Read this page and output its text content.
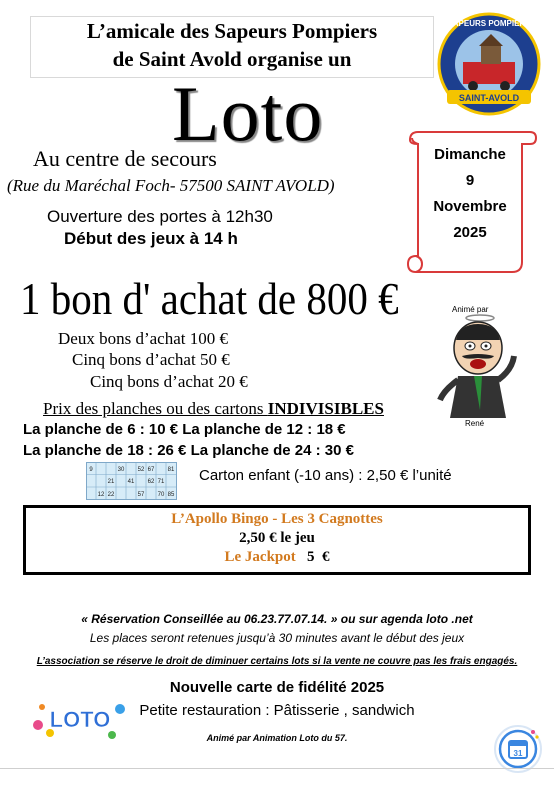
L’amicale des Sapeurs Pompiers
de Saint Avold organise un
SAPEURS POMPIERS
SAINT-AVOLD
Loto	Dimanche
9
Novembre
2025
Au centre de secours
(Rue du Maréchal Foch- 57500 SAINT AVOLD)
Ouverture des portes à 12h30
Début des jeux à 14 h
1 bon d' achat de 800 €	Animé par
René
Deux bons d’achat 100 €
Cinq bons d’achat 50 €
Cinq bons d’achat 20 €
Prix des planches ou des cartons INDIVISIBLES
La planche de 6 : 10 € La planche de 12 : 18 €
La planche de 18 : 26 € La planche de 24 : 30 €
9	30 52 67 81
21 41 62 71
12 22	57 70 85
Carton enfant (-10 ans) : 2,50 € l’unité
L’Apollo Bingo - Les 3 Cagnottes
2,50 € le jeu
Le Jackpot   5  €
« Réservation Conseillée au 06.23.77.07.14. » ou sur agenda loto .net
Les places seront retenues jusqu’à 30 minutes avant le début des jeux
L’association se réserve le droit de diminuer certains lots si la vente ne couvre pas les frais engagés.
Nouvelle carte de fidélité 2025
Petite restauration : Pâtisserie , sandwich
Animé par Animation Loto du 57.
LOTO
31
